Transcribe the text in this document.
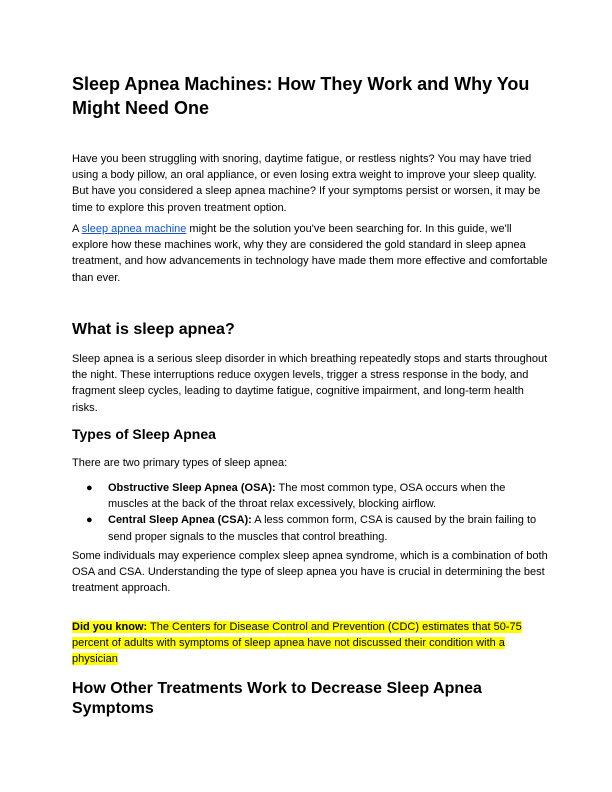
Sleep Apnea Machines: How They Work and Why You Might Need One

Have you been struggling with snoring, daytime fatigue, or restless nights? You may have tried using a body pillow, an oral appliance, or even losing extra weight to improve your sleep quality. But have you considered a sleep apnea machine? If your symptoms persist or worsen, it may be time to explore this proven treatment option.

A sleep apnea machine might be the solution you've been searching for. In this guide, we'll explore how these machines work, why they are considered the gold standard in sleep apnea treatment, and how advancements in technology have made them more effective and comfortable than ever.

What is sleep apnea?

Sleep apnea is a serious sleep disorder in which breathing repeatedly stops and starts throughout the night. These interruptions reduce oxygen levels, trigger a stress response in the body, and fragment sleep cycles, leading to daytime fatigue, cognitive impairment, and long-term health risks.

Types of Sleep Apnea

There are two primary types of sleep apnea:

● Obstructive Sleep Apnea (OSA): The most common type, OSA occurs when the muscles at the back of the throat relax excessively, blocking airflow.
● Central Sleep Apnea (CSA): A less common form, CSA is caused by the brain failing to send proper signals to the muscles that control breathing.

Some individuals may experience complex sleep apnea syndrome, which is a combination of both OSA and CSA. Understanding the type of sleep apnea you have is crucial in determining the best treatment approach.

Did you know: The Centers for Disease Control and Prevention (CDC) estimates that 50-75 percent of adults with symptoms of sleep apnea have not discussed their condition with a physician

How Other Treatments Work to Decrease Sleep Apnea Symptoms
